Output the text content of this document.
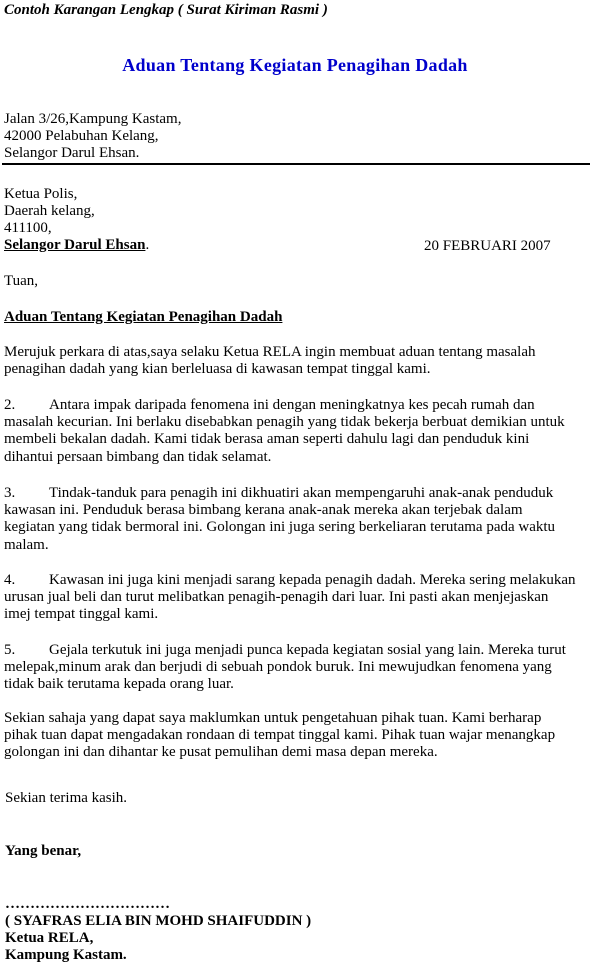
Contoh Karangan Lengkap ( Surat Kiriman Rasmi )
Aduan Tentang Kegiatan Penagihan Dadah
Jalan 3/26,Kampung Kastam,
42000 Pelabuhan Kelang,
Selangor Darul Ehsan.
Ketua Polis,
Daerah kelang,
411100,
Selangor Darul Ehsan.	20 FEBRUARI 2007
Tuan,
Aduan Tentang Kegiatan Penagihan Dadah
Merujuk perkara di atas,saya selaku Ketua RELA ingin membuat aduan tentang masalah
penagihan dadah yang kian berleluasa di kawasan tempat tinggal kami.
2. Antara impak daripada fenomena ini dengan meningkatnya kes pecah rumah dan
masalah kecurian. Ini berlaku disebabkan penagih yang tidak bekerja berbuat demikian untuk
membeli bekalan dadah. Kami tidak berasa aman seperti dahulu lagi dan penduduk kini
dihantui persaan bimbang dan tidak selamat.
3. Tindak-tanduk para penagih ini dikhuatiri akan mempengaruhi anak-anak penduduk
kawasan ini. Penduduk berasa bimbang kerana anak-anak mereka akan terjebak dalam
kegiatan yang tidak bermoral ini. Golongan ini juga sering berkeliaran terutama pada waktu
malam.
4. Kawasan ini juga kini menjadi sarang kepada penagih dadah. Mereka sering melakukan
urusan jual beli dan turut melibatkan penagih-penagih dari luar. Ini pasti akan menjejaskan
imej tempat tinggal kami.
5. Gejala terkutuk ini juga menjadi punca kepada kegiatan sosial yang lain. Mereka turut
melepak,minum arak dan berjudi di sebuah pondok buruk. Ini mewujudkan fenomena yang
tidak baik terutama kepada orang luar.
Sekian sahaja yang dapat saya maklumkan untuk pengetahuan pihak tuan. Kami berharap
pihak tuan dapat mengadakan rondaan di tempat tinggal kami. Pihak tuan wajar menangkap
golongan ini dan dihantar ke pusat pemulihan demi masa depan mereka.
Sekian terima kasih.
Yang benar,
……………………………
( SYAFRAS ELIA BIN MOHD SHAIFUDDIN )
Ketua RELA,
Kampung Kastam.
